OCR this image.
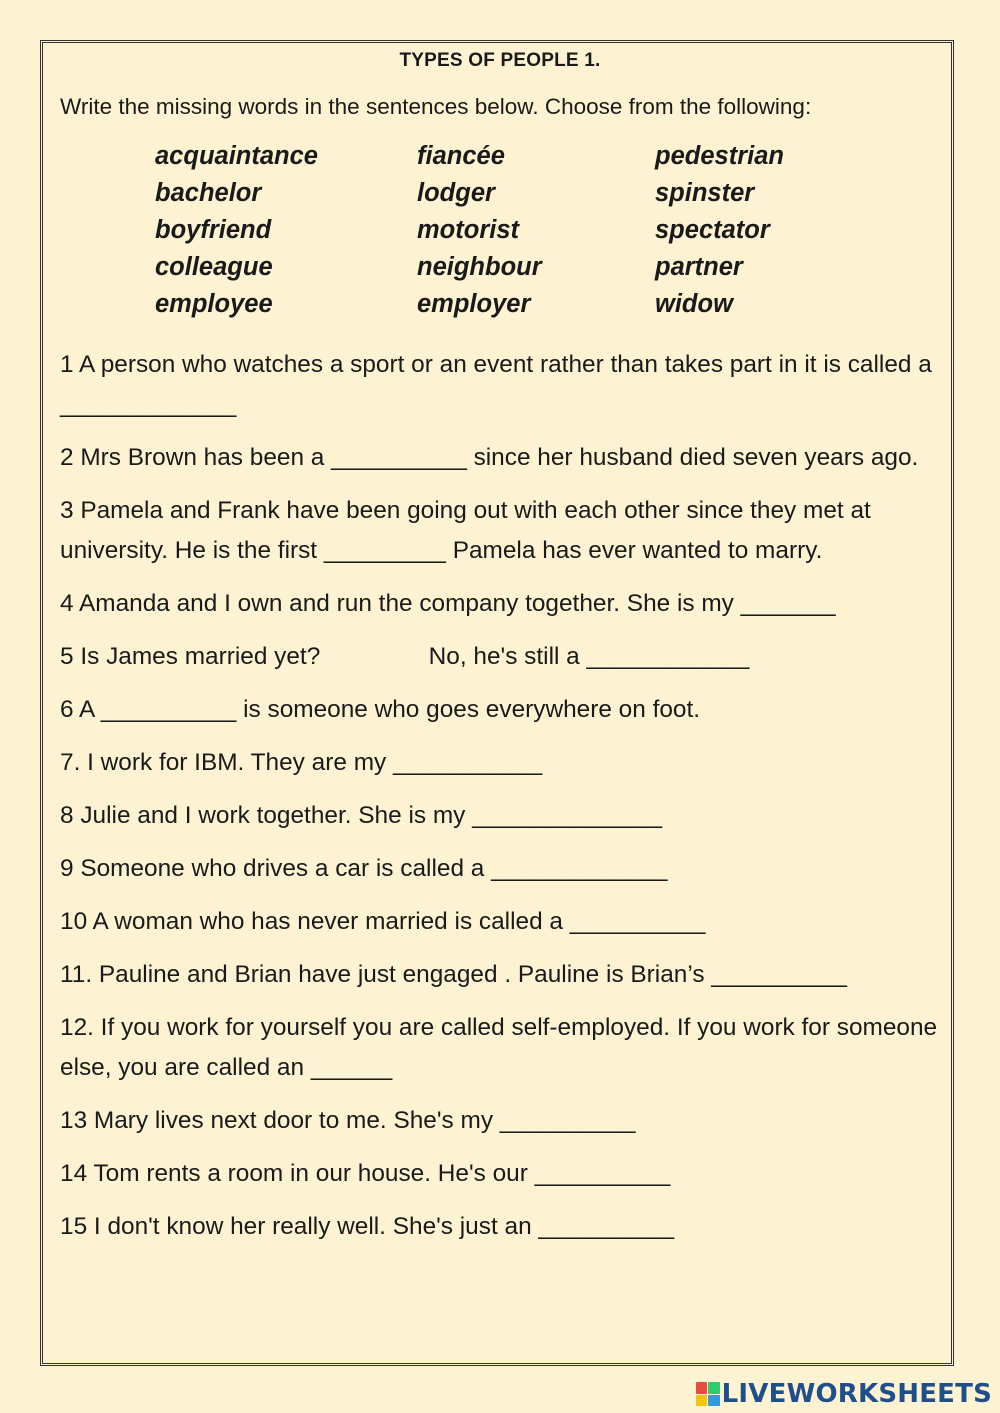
TYPES OF PEOPLE 1.
Write the missing words in the sentences below. Choose from the following:
acquaintance
bachelor
boyfriend
colleague
employee
fiancée
lodger
motorist
neighbour
employer
pedestrian
spinster
spectator
partner
widow
1 A person who watches a sport or an event rather than takes part in it is called a _____________
2 Mrs Brown has been a __________ since her husband died seven years ago.
3 Pamela and Frank have been going out with each other since they met at university. He is the first _________ Pamela has ever wanted to marry.
4 Amanda and I own and run the company together. She is my _______
5 Is James married yet?                No, he's still a ____________
6 A __________ is someone who goes everywhere on foot.
7. I work for IBM. They are my ___________
8 Julie and I work together. She is my ______________
9 Someone who drives a car is called a _____________
10 A woman who has never married is called a __________
11. Pauline and Brian have just engaged . Pauline is Brian’s __________
12. If you work for yourself you are called self-employed. If you work for someone else, you are called an ______
13 Mary lives next door to me. She's my __________
14 Tom rents a room in our house. He's our __________
15 I don't know her really well. She's just an __________
LIVEWORKSHEETS
